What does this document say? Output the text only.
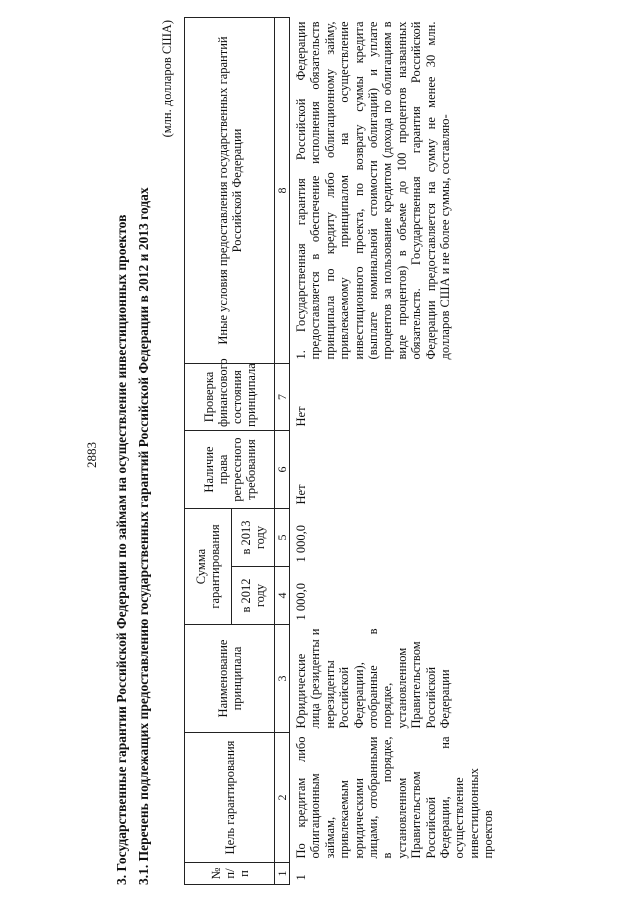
2883 3. Государственные гарантии Российской Федерации по займам на осуществление инвестиционных проектов 3.1. Перечень подлежащих предоставлению государственных гарантий Российской Федерации в 2012 и 2013 годах
(млн. долларов США)
№ п/п	Цель гарантирования	Наименование принципала	Сумма гарантирования		Наличие права регрессного требования	Проверка финансового состояния принципала	Иные условия предоставления государственных гарантий Российской Федерации
			в 2012 году	в 2013 году			
1	2	3	4	5	6	7	8
1	По кредитам либо облигационным займам, привлекаемым юридическими лицами, отобранными в порядке, установленном Правительством Российской Федерации, на осуществление инвестиционных проектов	Юридические лица (резиденты и нерезиденты Российской Федерации), отобранные в порядке, установленном Правительством Российской Федерации	1 000,0	1 000,0	Нет	Нет	1. Государственная гарантия Российской Федерации предоставляется в обеспечение исполнения обязательств принципала по кредиту либо облигационному займу, привлекаемому принципалом на осуществление инвестиционного проекта, по возврату суммы кредита (выплате номинальной стоимости облигаций) и уплате процентов за пользование кредитом (дохода по облигациям в виде процентов) в объеме до 100 процентов названных обязательств. Государственная гарантия Российской Федерации предоставляется на сумму не менее 30 млн. долларов США и не более суммы, составляю-
